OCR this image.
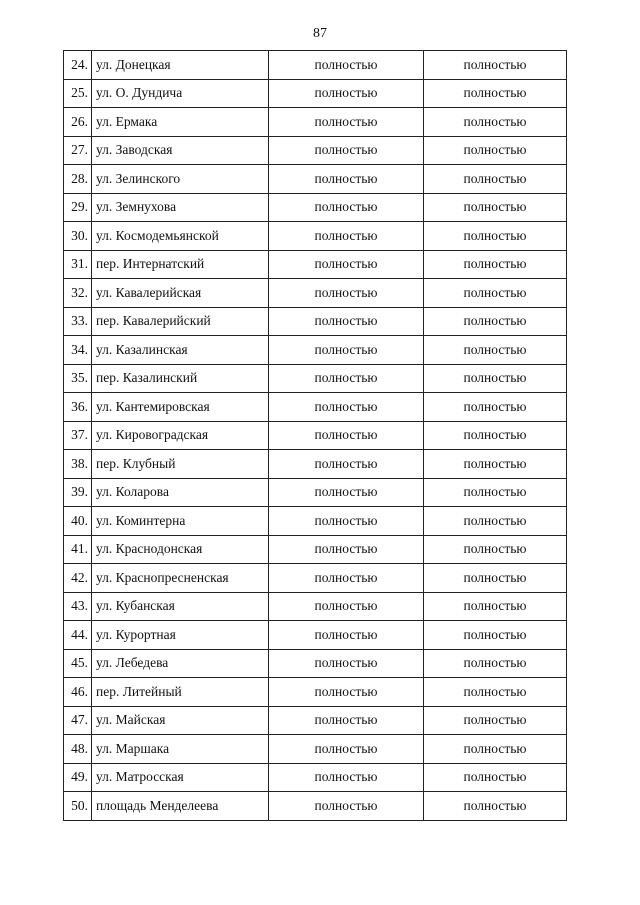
87
24.	ул. Донецкая	полностью	полностью
25.	ул. О. Дундича	полностью	полностью
26.	ул. Ермака	полностью	полностью
27.	ул. Заводская	полностью	полностью
28.	ул. Зелинского	полностью	полностью
29.	ул. Земнухова	полностью	полностью
30.	ул. Космодемьянской	полностью	полностью
31.	пер. Интернатский	полностью	полностью
32.	ул. Кавалерийская	полностью	полностью
33.	пер. Кавалерийский	полностью	полностью
34.	ул. Казалинская	полностью	полностью
35.	пер. Казалинский	полностью	полностью
36.	ул. Кантемировская	полностью	полностью
37.	ул. Кировоградская	полностью	полностью
38.	пер. Клубный	полностью	полностью
39.	ул. Коларова	полностью	полностью
40.	ул. Коминтерна	полностью	полностью
41.	ул. Краснодонская	полностью	полностью
42.	ул. Краснопресненская	полностью	полностью
43.	ул. Кубанская	полностью	полностью
44.	ул. Курортная	полностью	полностью
45.	ул. Лебедева	полностью	полностью
46.	пер. Литейный	полностью	полностью
47.	ул. Майская	полностью	полностью
48.	ул. Маршака	полностью	полностью
49.	ул. Матросская	полностью	полностью
50.	площадь Менделеева	полностью	полностью
